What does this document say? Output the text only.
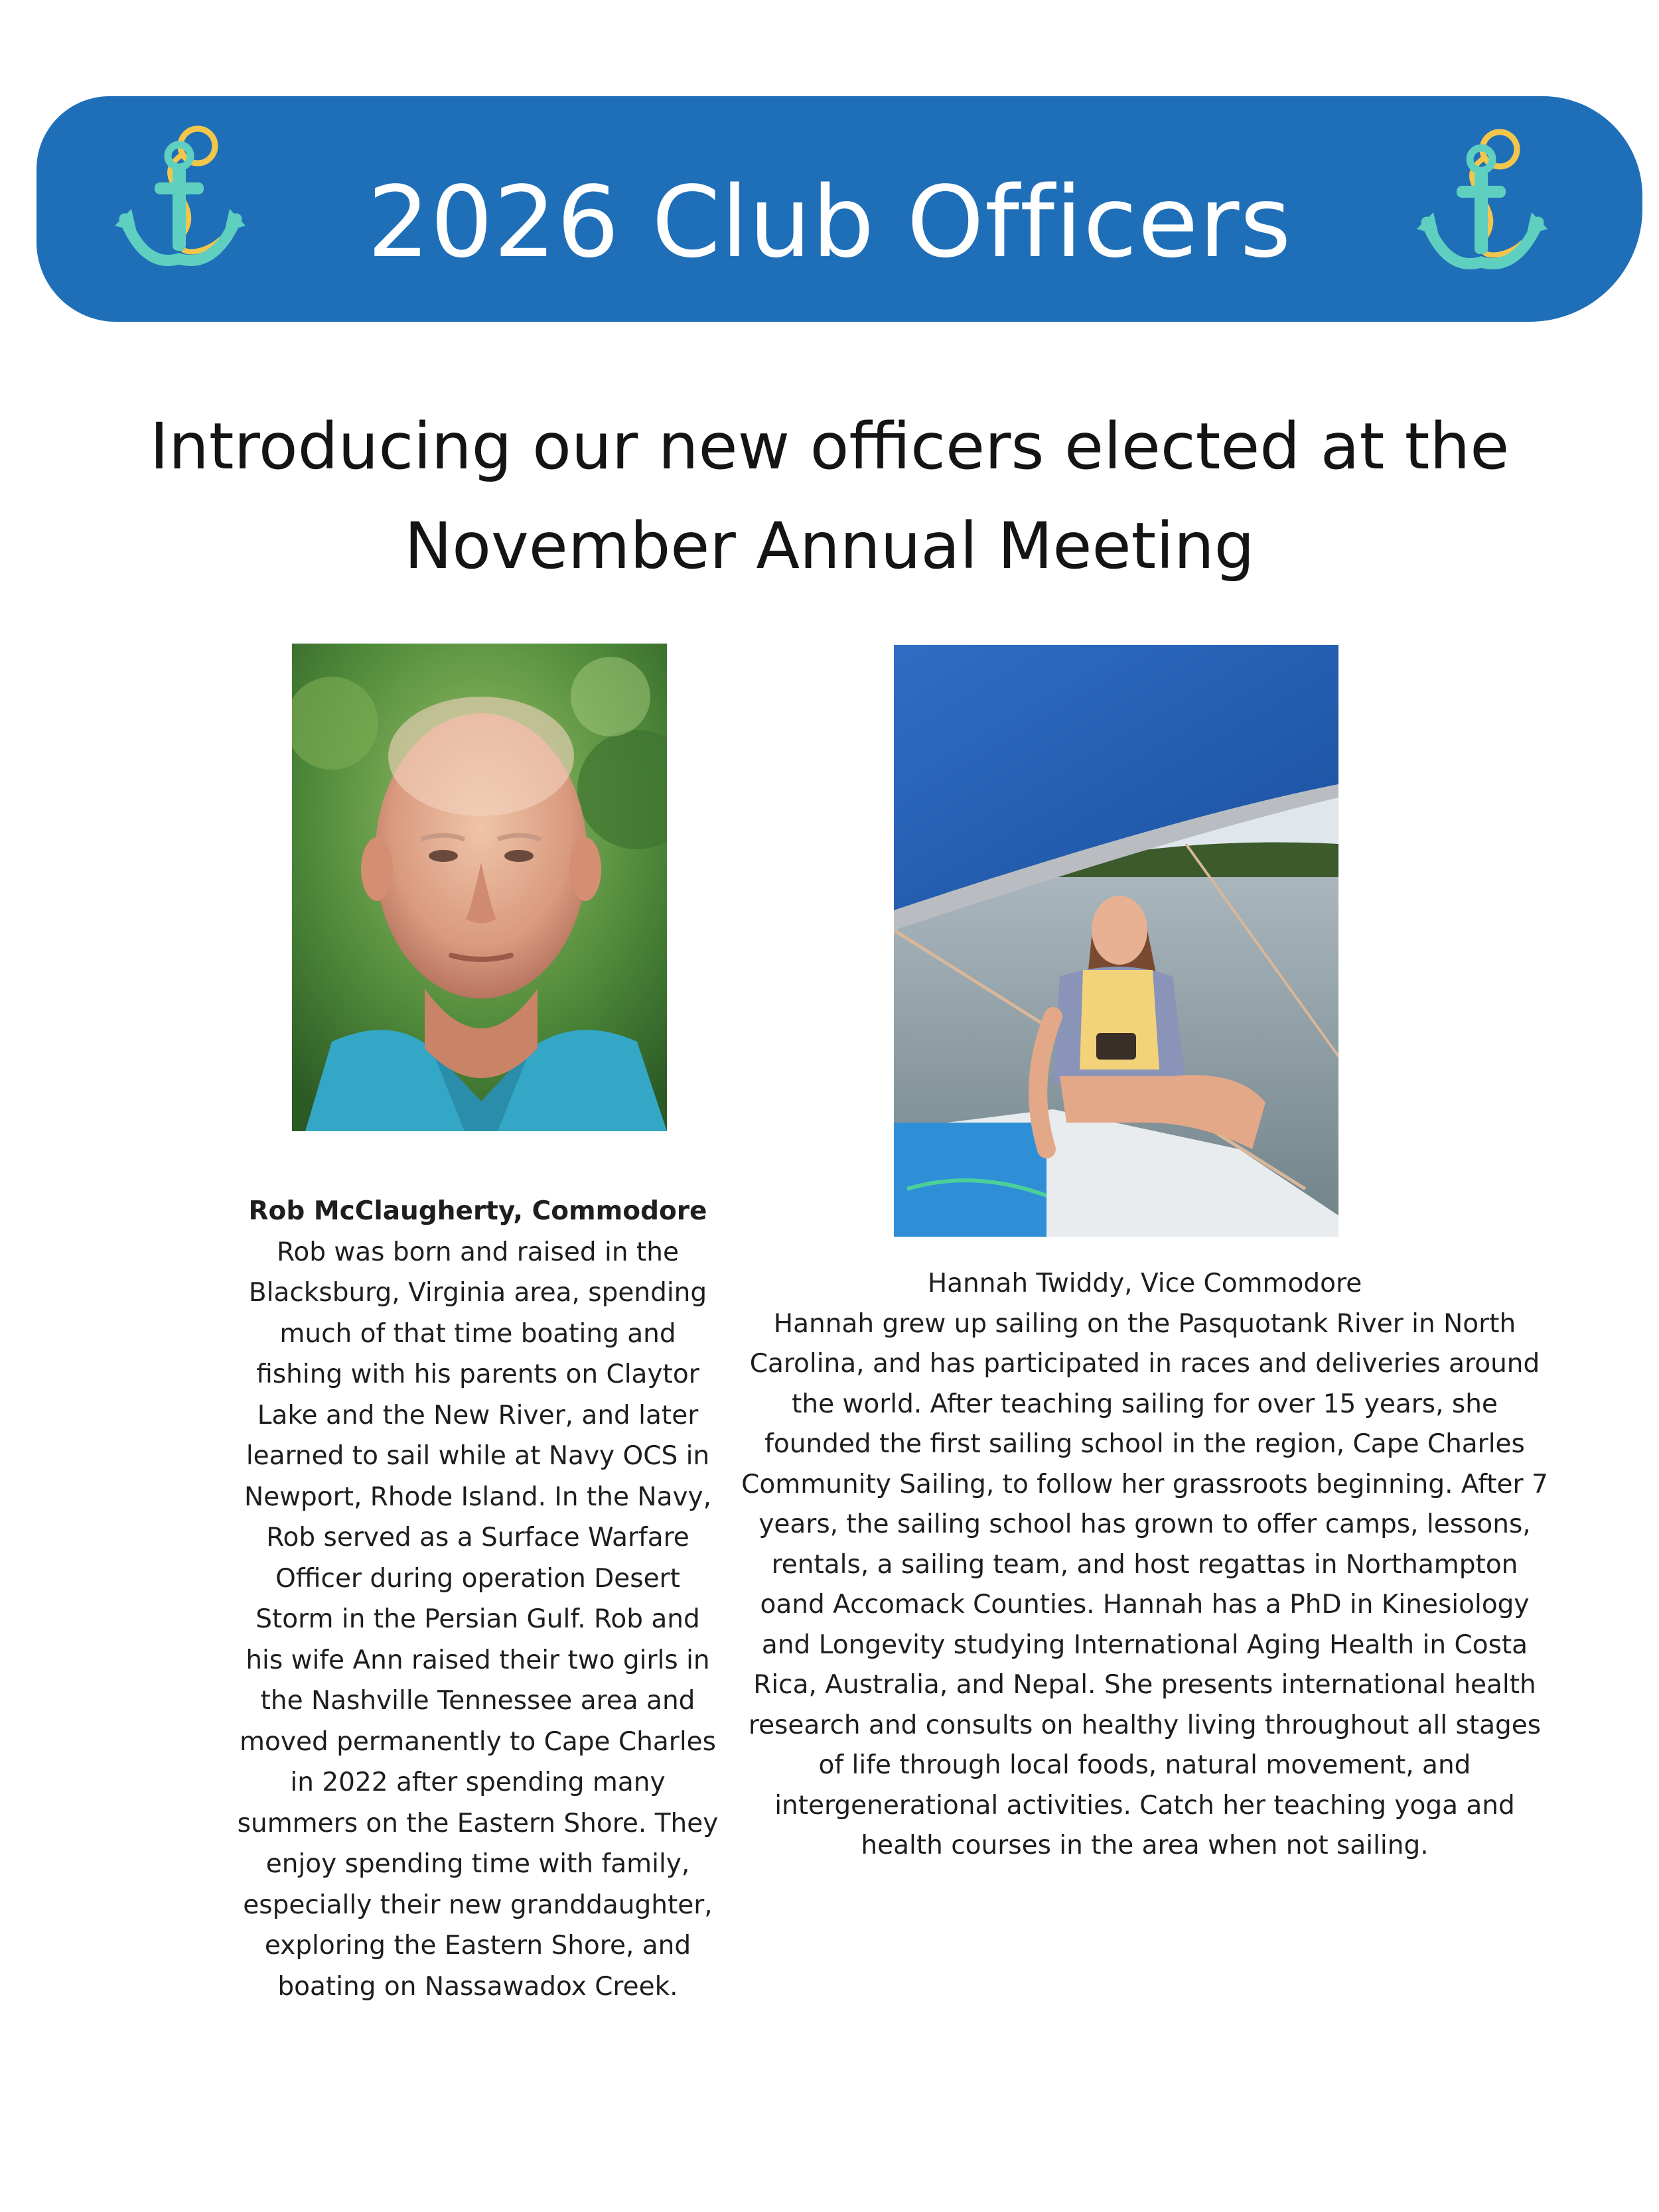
2026 Club Officers
Introducing our new officers elected at the
November Annual Meeting
Rob McClaugherty, Commodore
Rob was born and raised in the Blacksburg, Virginia area, spending much of that time boating and fishing with his parents on Claytor Lake and the New River, and later learned to sail while at Navy OCS in Newport, Rhode Island. In the Navy, Rob served as a Surface Warfare Officer during operation Desert Storm in the Persian Gulf. Rob and his wife Ann raised their two girls in the Nashville Tennessee area and moved permanently to Cape Charles in 2022 after spending many summers on the Eastern Shore. They enjoy spending time with family, especially their new granddaughter, exploring the Eastern Shore, and boating on Nassawadox Creek.
Hannah Twiddy, Vice Commodore
Hannah grew up sailing on the Pasquotank River in North Carolina, and has participated in races and deliveries around the world. After teaching sailing for over 15 years, she founded the first sailing school in the region, Cape Charles Community Sailing, to follow her grassroots beginning. After 7 years, the sailing school has grown to offer camps, lessons, rentals, a sailing team, and host regattas in Northampton oand Accomack Counties. Hannah has a PhD in Kinesiology and Longevity studying International Aging Health in Costa Rica, Australia, and Nepal. She presents international health research and consults on healthy living throughout all stages of life through local foods, natural movement, and intergenerational activities. Catch her teaching yoga and health courses in the area when not sailing.
